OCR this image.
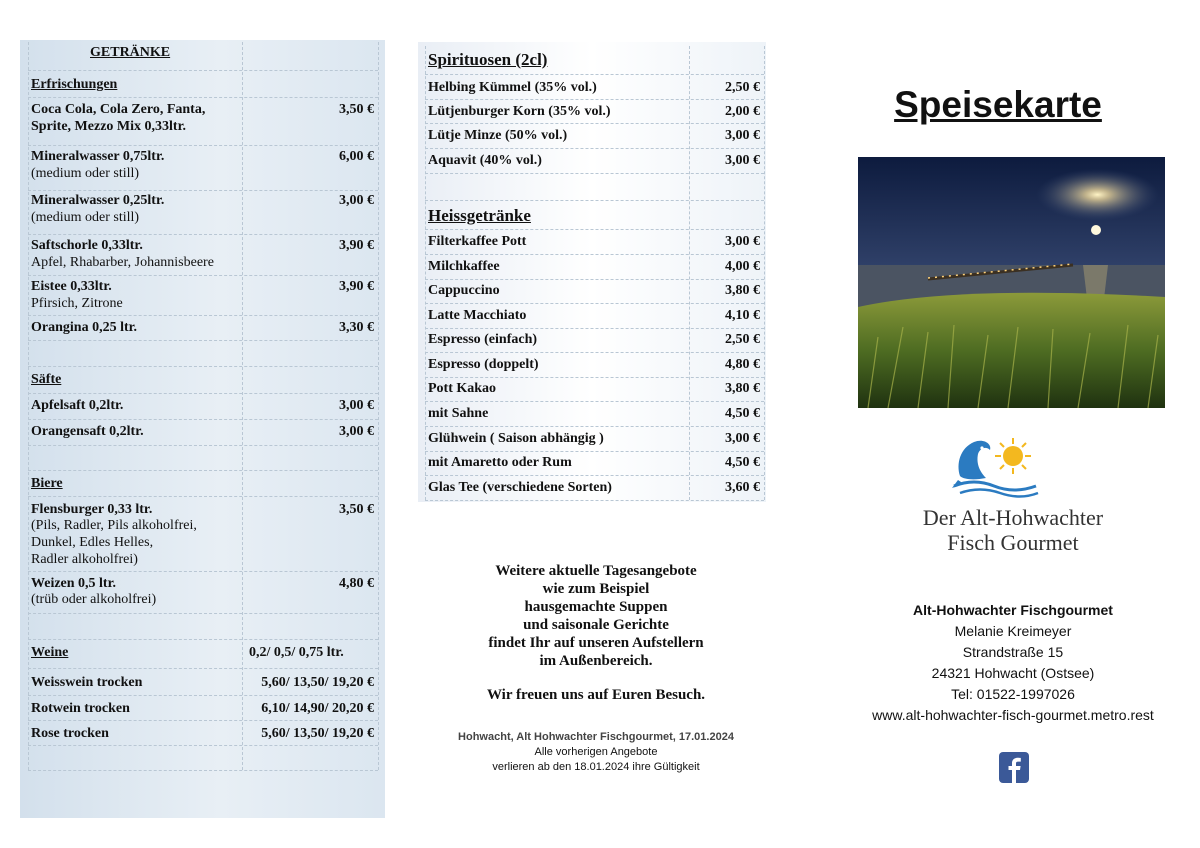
GETRÄNKE
Erfrischungen
Coca Cola, Cola Zero, Fanta,
Sprite, Mezzo Mix 0,33ltr.
3,50 €
Mineralwasser 0,75ltr.
(medium oder still)
6,00 €
Mineralwasser 0,25ltr.
(medium oder still)
3,00 €
Saftschorle 0,33ltr.
Apfel, Rhabarber, Johannisbeere
3,90 €
Eistee 0,33ltr.
Pfirsich, Zitrone
3,90 €
Orangina 0,25 ltr.	3,30 €
Säfte
Apfelsaft 0,2ltr.	3,00 €
Orangensaft 0,2ltr.	3,00 €
Biere
Flensburger 0,33 ltr.
(Pils, Radler, Pils alkoholfrei,
Dunkel, Edles Helles,
Radler alkoholfrei)
3,50 €
Weizen 0,5 ltr.
(trüb oder alkoholfrei)
4,80 €
Weine	0,2/ 0,5/ 0,75 ltr.
Weisswein trocken	5,60/ 13,50/ 19,20 €
Rotwein trocken	6,10/ 14,90/ 20,20 €
Rose trocken	5,60/ 13,50/ 19,20 €
Spirituosen (2cl)
Helbing Kümmel (35% vol.)	2,50 €
Lütjenburger Korn (35% vol.)	2,00 €
Lütje Minze (50% vol.)	3,00 €
Aquavit (40% vol.)	3,00 €
Heissgetränke
Filterkaffee Pott	3,00 €
Milchkaffee	4,00 €
Cappuccino	3,80 €
Latte Macchiato	4,10 €
Espresso (einfach)	2,50 €
Espresso (doppelt)	4,80 €
Pott Kakao	3,80 €
mit Sahne	4,50 €
Glühwein ( Saison abhängig )	3,00 €
mit Amaretto oder Rum	4,50 €
Glas Tee (verschiedene Sorten)	3,60 €
Weitere aktuelle Tagesangebote
wie zum Beispiel
hausgemachte Suppen
und saisonale Gerichte
findet Ihr auf unseren Aufstellern
im Außenbereich.
Wir freuen uns auf Euren Besuch.
Hohwacht, Alt Hohwachter Fischgourmet, 17.01.2024
Alle vorherigen Angebote
verlieren ab den 18.01.2024 ihre Gültigkeit
Speisekarte
Der Alt-Hohwachter
Fisch Gourmet
Alt-Hohwachter Fischgourmet
Melanie Kreimeyer
Strandstraße 15
24321 Hohwacht (Ostsee)
Tel: 01522-1997026
www.alt-hohwachter-fisch-gourmet.metro.rest
